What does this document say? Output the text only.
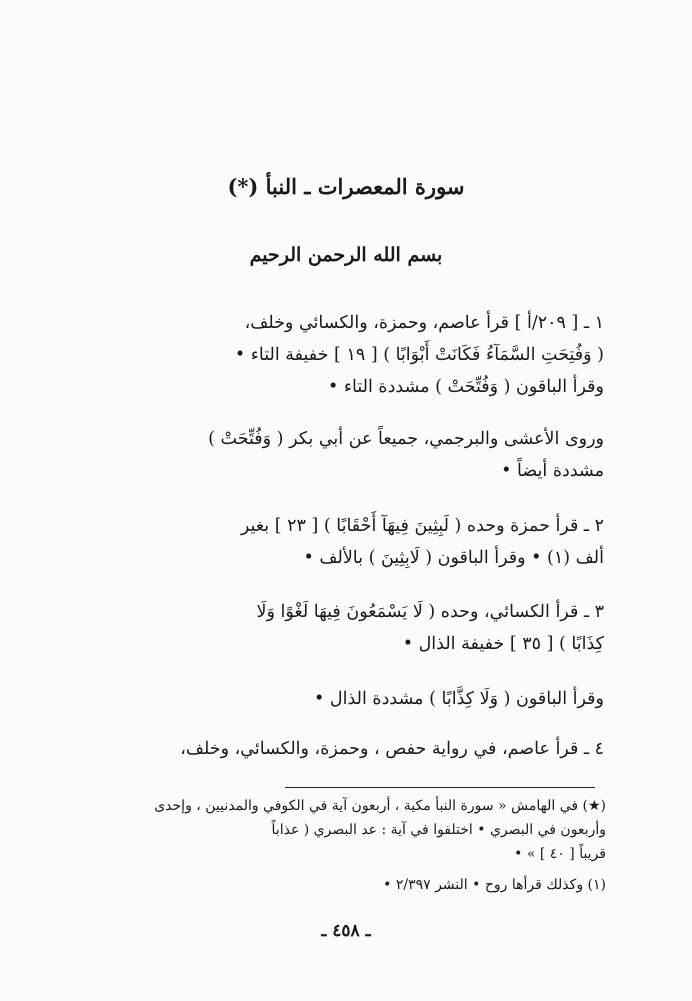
سورة المعصرات ـ النبأ (*)
بسم الله الرحمن الرحيم
١ ـ [ ٢٠٩/أ ] قرأ عاصم، وحمزة، والكسائي وخلف،
( وَفُتِحَتِ السَّمَآءُ فَكَانَتْ أَبْوَابًا ) [ ١٩ ] خفيفة التاء •
وقرأ الباقون ( وَفُتِّحَتْ ) مشددة التاء •
وروى الأعشى والبرجمي، جميعاً عن أبي بكر ( وَفُتِّحَتْ )
مشددة أيضاً •
٢ ـ قرأ حمزة وحده ( لَبِثِينَ فِيهَآ أَحْقَابًا ) [ ٢٣ ] بغير
ألف (١) • وقرأ الباقون ( لَابِثِينَ ) بالألف •
٣ ـ قرأ الكسائي، وحده ( لَا يَسْمَعُونَ فِيهَا لَغْوًا وَلَا
كِذَابًا ) [ ٣٥ ] خفيفة الذال •
وقرأ الباقون ( وَلَا كِذَّابًا ) مشددة الذال •
٤ ـ قرأ عاصم، في رواية حفص ، وحمزة، والكسائي، وخلف،
(★) في الهامش « سورة النبأ مكية ، أربعون آية في الكوفي والمدنيين ، وإحدى
وأربعون في البصري • اختلفوا في آية : عد البصري ( عذاباً
قريباً [ ٤٠ ] » •
(١) وكذلك قرأها روح • النشر ٢/٣٩٧ •
ـ ٤٥٨ ـ
